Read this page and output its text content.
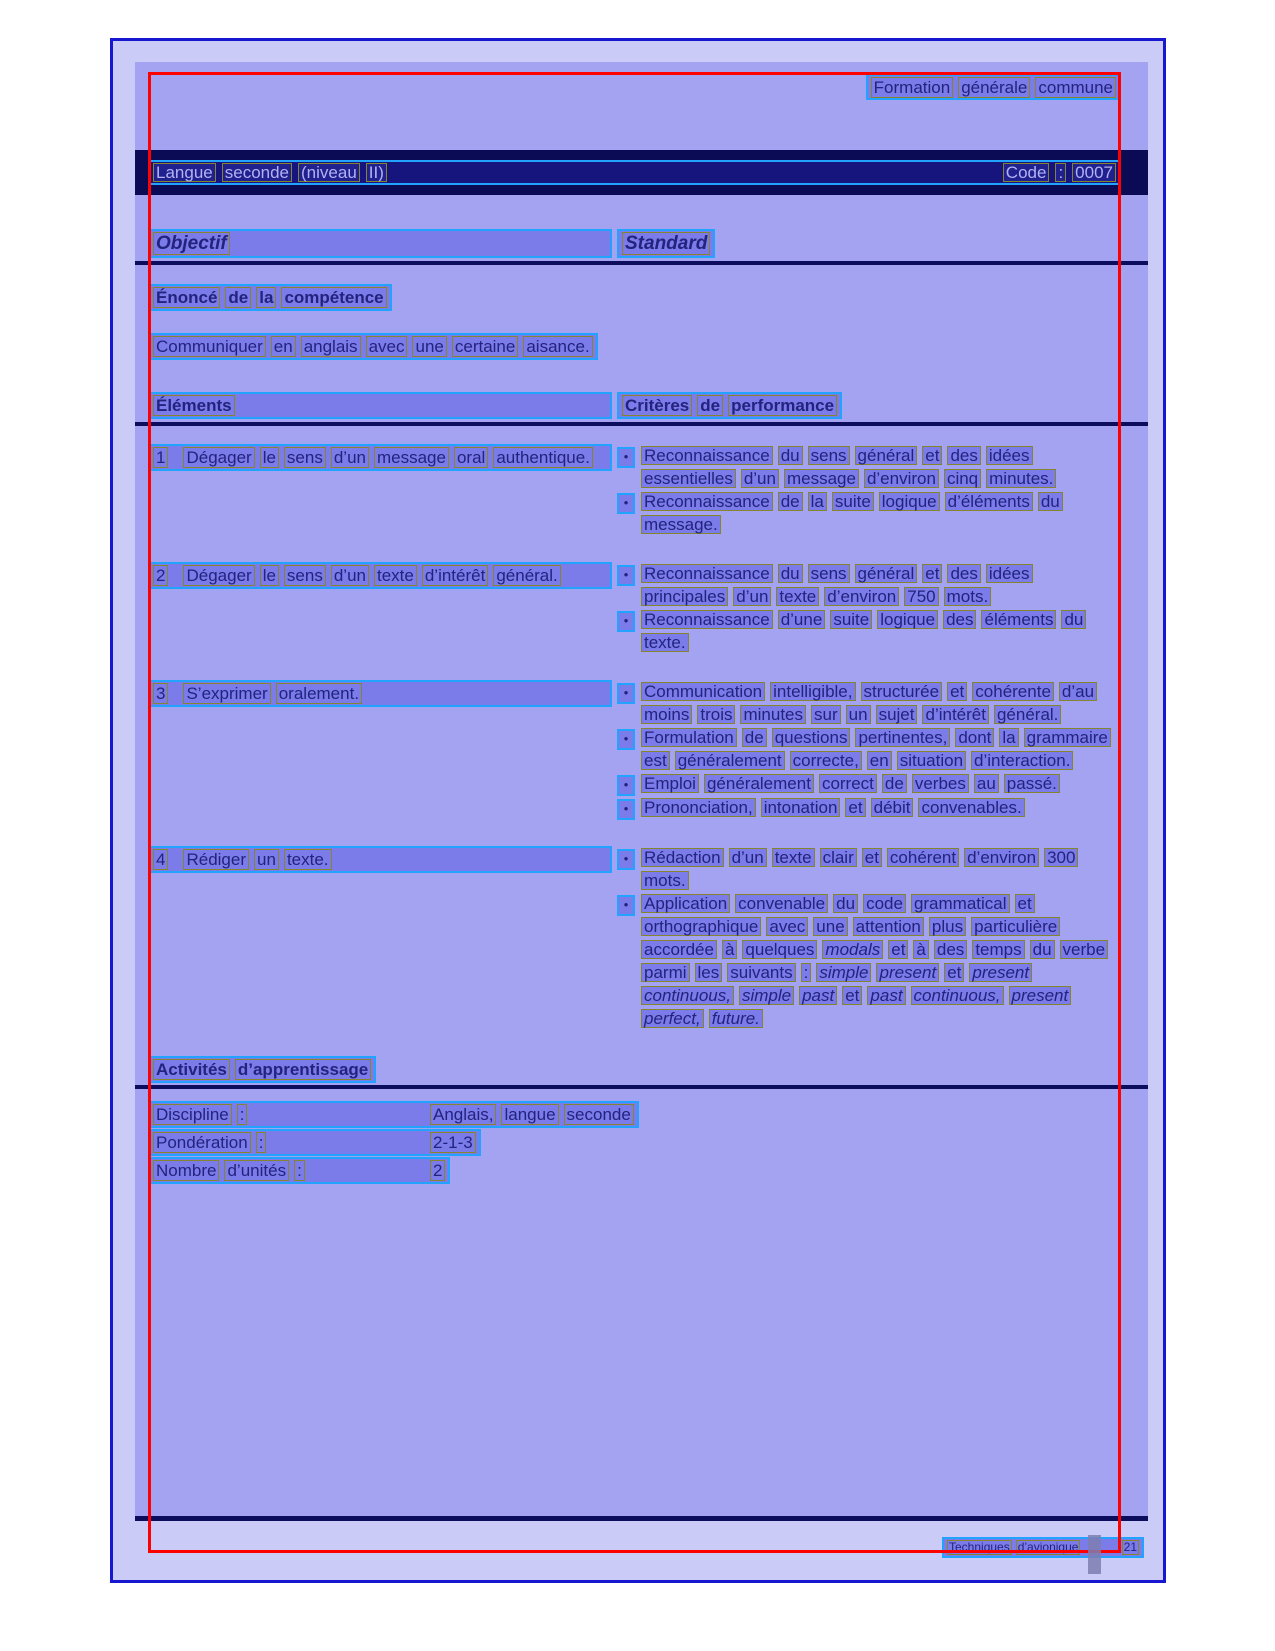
Formation générale commune
Langue seconde (niveau II)	Code : 0007
Objectif	Standard
Énoncé de la compétence
Communiquer en anglais avec une certaine aisance.
Éléments	Critères de performance
1 Dégager le sens d’un message oral authentique.	• Reconnaissance du sens général et des idéesessentielles d’un message d’environ cinq minutes.
• Reconnaissance de la suite logique d’éléments dumessage.
2 Dégager le sens d’un texte d’intérêt général.	• Reconnaissance du sens général et des idéesprincipales d’un texte d’environ 750 mots.
• Reconnaissance d’une suite logique des éléments dutexte.
3 S’exprimer oralement.	• Communication intelligible, structurée et cohérente d’aumoins trois minutes sur un sujet d’intérêt général.
• Formulation de questions pertinentes, dont la grammaireest généralement correcte, en situation d’interaction.
• Emploi généralement correct de verbes au passé.
• Prononciation, intonation et débit convenables.
4 Rédiger un texte.	• Rédaction d’un texte clair et cohérent d’environ 300mots.
• Application convenable du code grammatical etorthographique avec une attention plus particulièreaccordée à quelques modals et à des temps du verbeparmi les suivants : simple present et presentcontinuous, simple past et past continuous, presentperfect, future.
Activités d’apprentissage
Discipline :	Anglais, langue seconde
Pondération :	2-1-3
Nombre d’unités :	2
Techniques d’avionique	21
